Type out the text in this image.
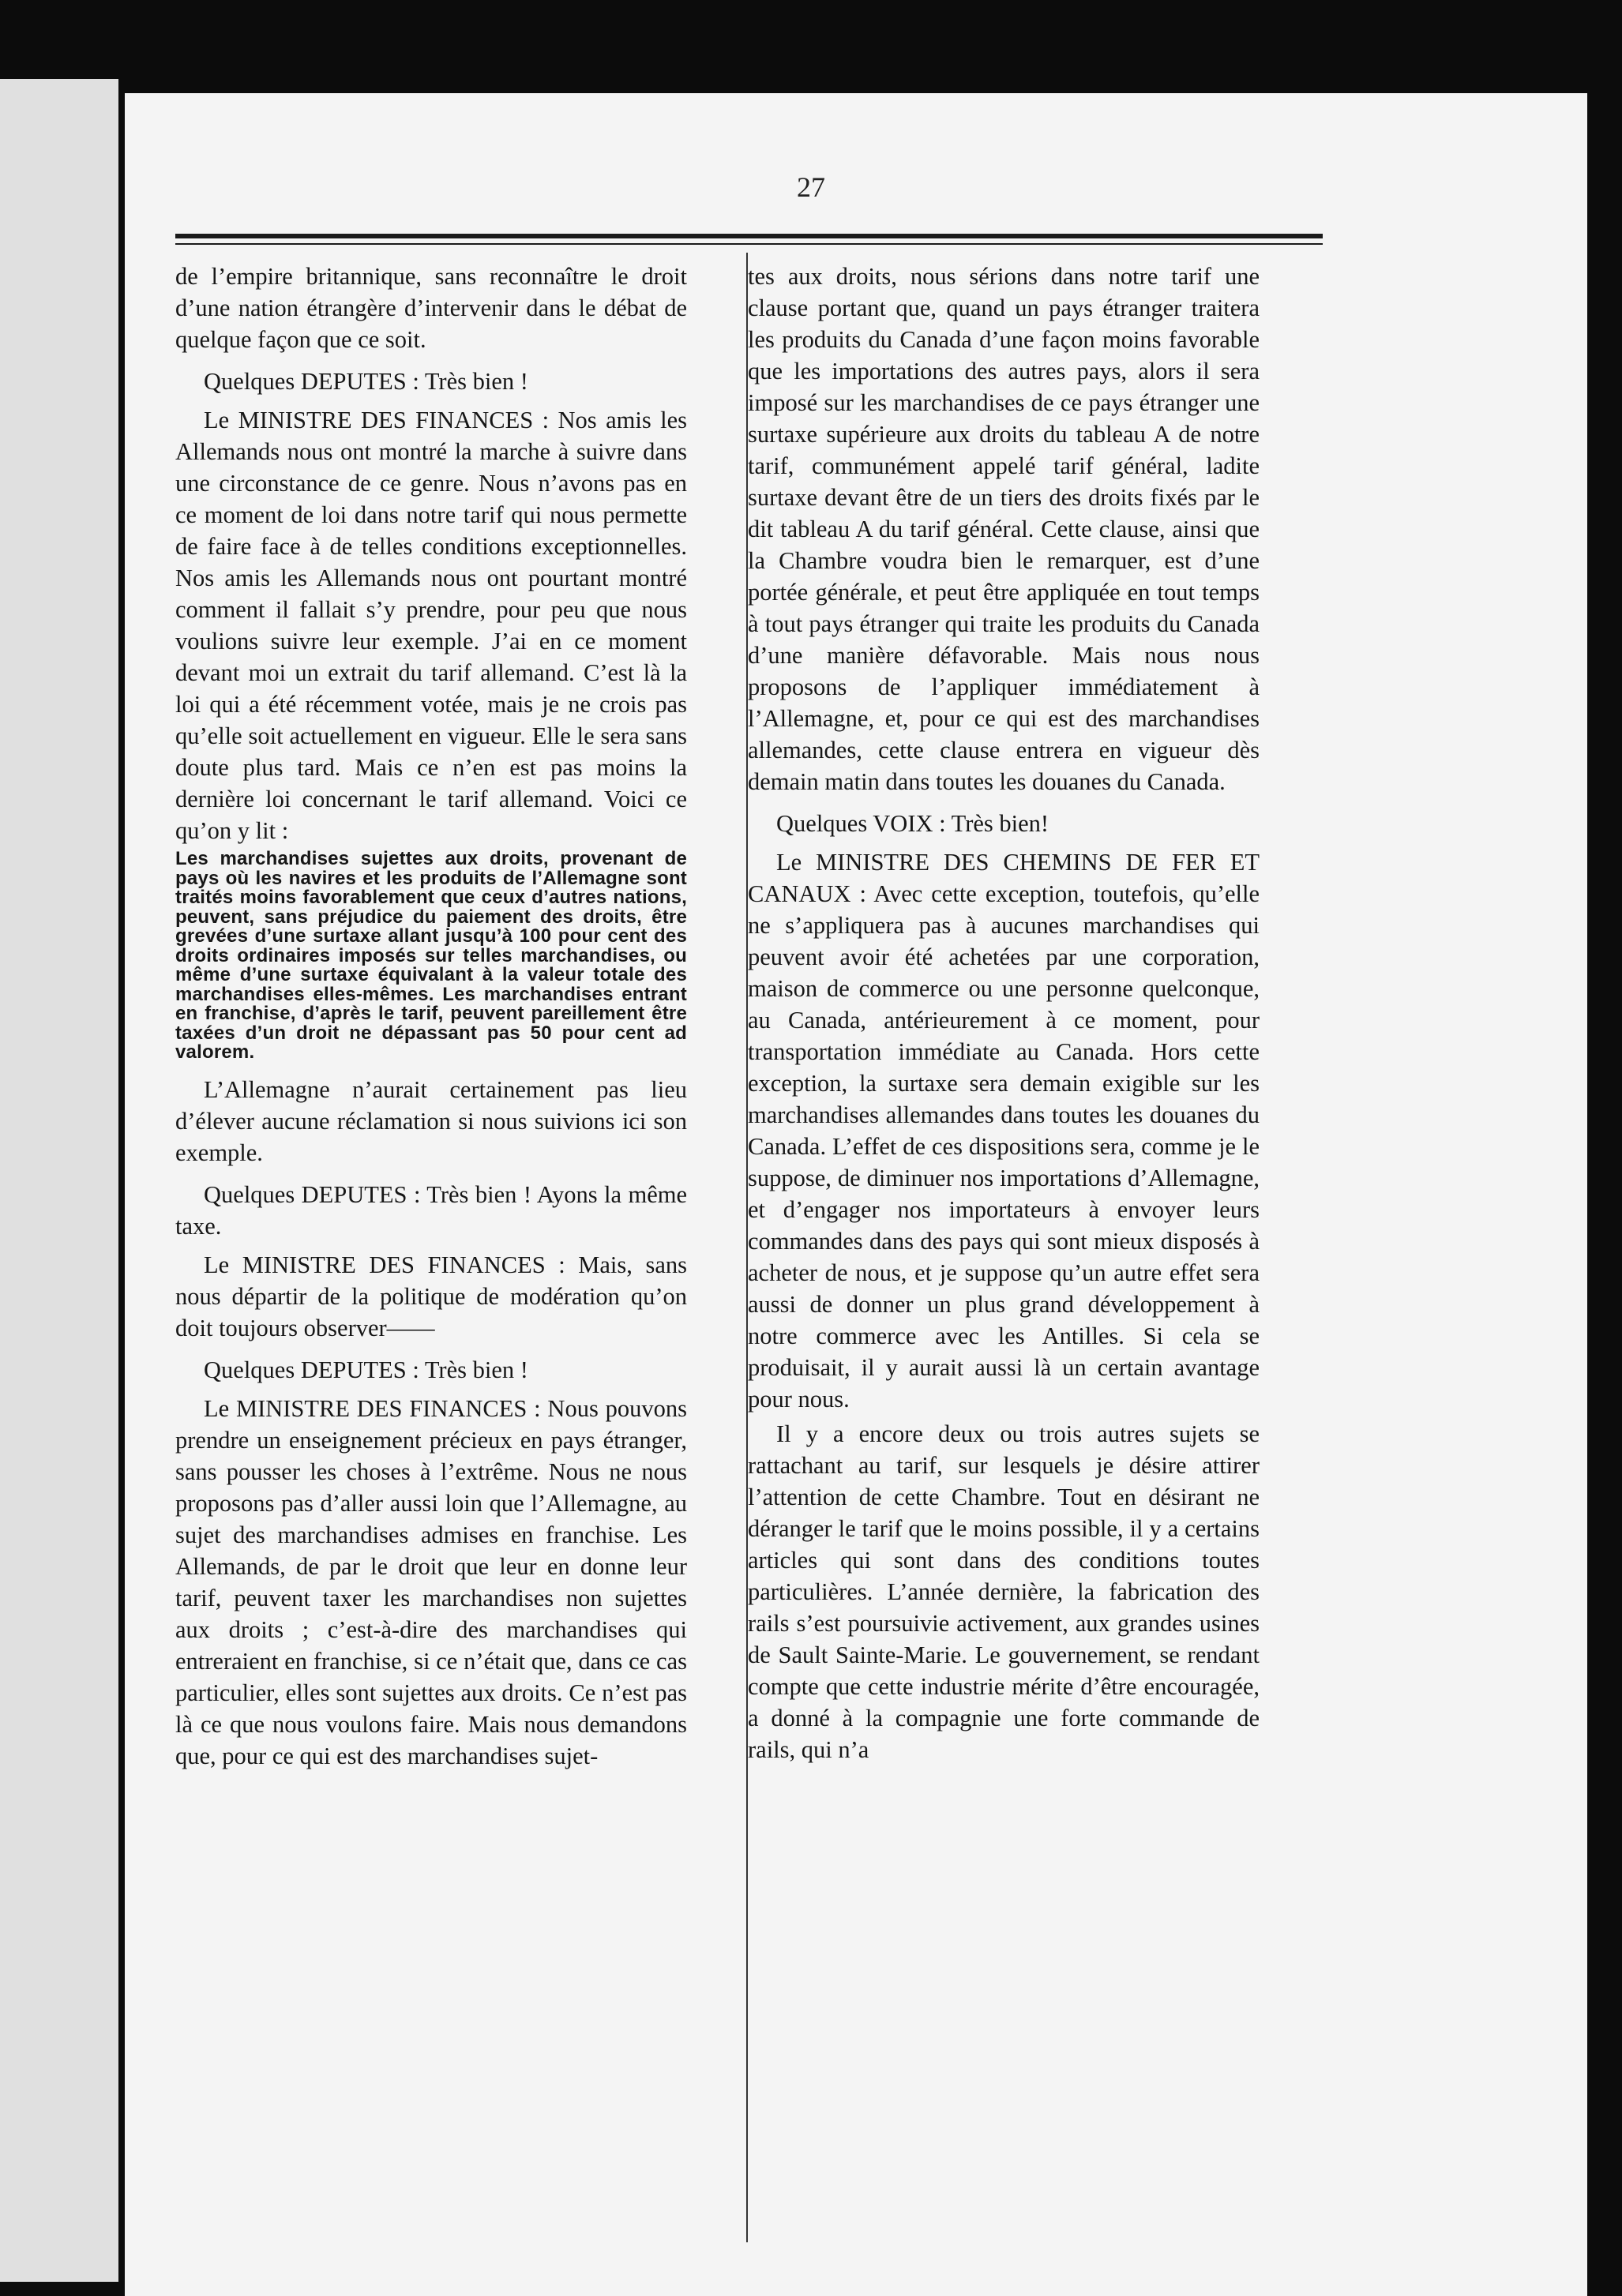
27

de l’empire britannique, sans reconnaître le droit d’une nation étrangère d’intervenir dans le débat de quelque façon que ce soit.

Quelques DEPUTES : Très bien !

Le MINISTRE DES FINANCES : Nos amis les Allemands nous ont montré la marche à suivre dans une circonstance de ce genre. Nous n’avons pas en ce moment de loi dans notre tarif qui nous permette de faire face à de telles conditions exceptionnelles. Nos amis les Allemands nous ont pourtant montré comment il fallait s’y prendre, pour peu que nous voulions suivre leur exemple. J’ai en ce moment devant moi un extrait du tarif allemand. C’est là la loi qui a été récemment votée, mais je ne crois pas qu’elle soit actuellement en vigueur. Elle le sera sans doute plus tard. Mais ce n’en est pas moins la dernière loi concernant le tarif allemand. Voici ce qu’on y lit :

Les marchandises sujettes aux droits, provenant de pays où les navires et les produits de l’Allemagne sont traités moins favorablement que ceux d’autres nations, peuvent, sans préjudice du paiement des droits, être grevées d’une surtaxe allant jusqu’à 100 pour cent des droits ordinaires imposés sur telles marchandises, ou même d’une surtaxe équivalant à la valeur totale des marchandises elles-mêmes. Les marchandises entrant en franchise, d’après le tarif, peuvent pareillement être taxées d’un droit ne dépassant pas 50 pour cent ad valorem.

L’Allemagne n’aurait certainement pas lieu d’élever aucune réclamation si nous suivions ici son exemple.

Quelques DEPUTES : Très bien ! Ayons la même taxe.

Le MINISTRE DES FINANCES : Mais, sans nous départir de la politique de modération qu’on doit toujours observer——

Quelques DEPUTES : Très bien !

Le MINISTRE DES FINANCES : Nous pouvons prendre un enseignement précieux en pays étranger, sans pousser les choses à l’extrême. Nous ne nous proposons pas d’aller aussi loin que l’Allemagne, au sujet des marchandises admises en franchise. Les Allemands, de par le droit que leur en donne leur tarif, peuvent taxer les marchandises non sujettes aux droits ; c’est-à-dire des marchandises qui entreraient en franchise, si ce n’était que, dans ce cas particulier, elles sont sujettes aux droits. Ce n’est pas là ce que nous voulons faire. Mais nous demandons que, pour ce qui est des marchandises sujet-

tes aux droits, nous sérions dans notre tarif une clause portant que, quand un pays étranger traitera les produits du Canada d’une façon moins favorable que les importations des autres pays, alors il sera imposé sur les marchandises de ce pays étranger une surtaxe supérieure aux droits du tableau A de notre tarif, communément appelé tarif général, ladite surtaxe devant être de un tiers des droits fixés par le dit tableau A du tarif général. Cette clause, ainsi que la Chambre voudra bien le remarquer, est d’une portée générale, et peut être appliquée en tout temps à tout pays étranger qui traite les produits du Canada d’une manière défavorable. Mais nous nous proposons de l’appliquer immédiatement à l’Allemagne, et, pour ce qui est des marchandises allemandes, cette clause entrera en vigueur dès demain matin dans toutes les douanes du Canada.

Quelques VOIX : Très bien!

Le MINISTRE DES CHEMINS DE FER ET CANAUX : Avec cette exception, toutefois, qu’elle ne s’appliquera pas à aucunes marchandises qui peuvent avoir été achetées par une corporation, maison de commerce ou une personne quelconque, au Canada, antérieurement à ce moment, pour transportation immédiate au Canada. Hors cette exception, la surtaxe sera demain exigible sur les marchandises allemandes dans toutes les douanes du Canada. L’effet de ces dispositions sera, comme je le suppose, de diminuer nos importations d’Allemagne, et d’engager nos importateurs à envoyer leurs commandes dans des pays qui sont mieux disposés à acheter de nous, et je suppose qu’un autre effet sera aussi de donner un plus grand développement à notre commerce avec les Antilles. Si cela se produisait, il y aurait aussi là un certain avantage pour nous.

Il y a encore deux ou trois autres sujets se rattachant au tarif, sur lesquels je désire attirer l’attention de cette Chambre. Tout en désirant ne déranger le tarif que le moins possible, il y a certains articles qui sont dans des conditions toutes particulières. L’année dernière, la fabrication des rails s’est poursuivie activement, aux grandes usines de Sault Sainte-Marie. Le gouvernement, se rendant compte que cette industrie mérite d’être encouragée, a donné à la compagnie une forte commande de rails, qui n’a
